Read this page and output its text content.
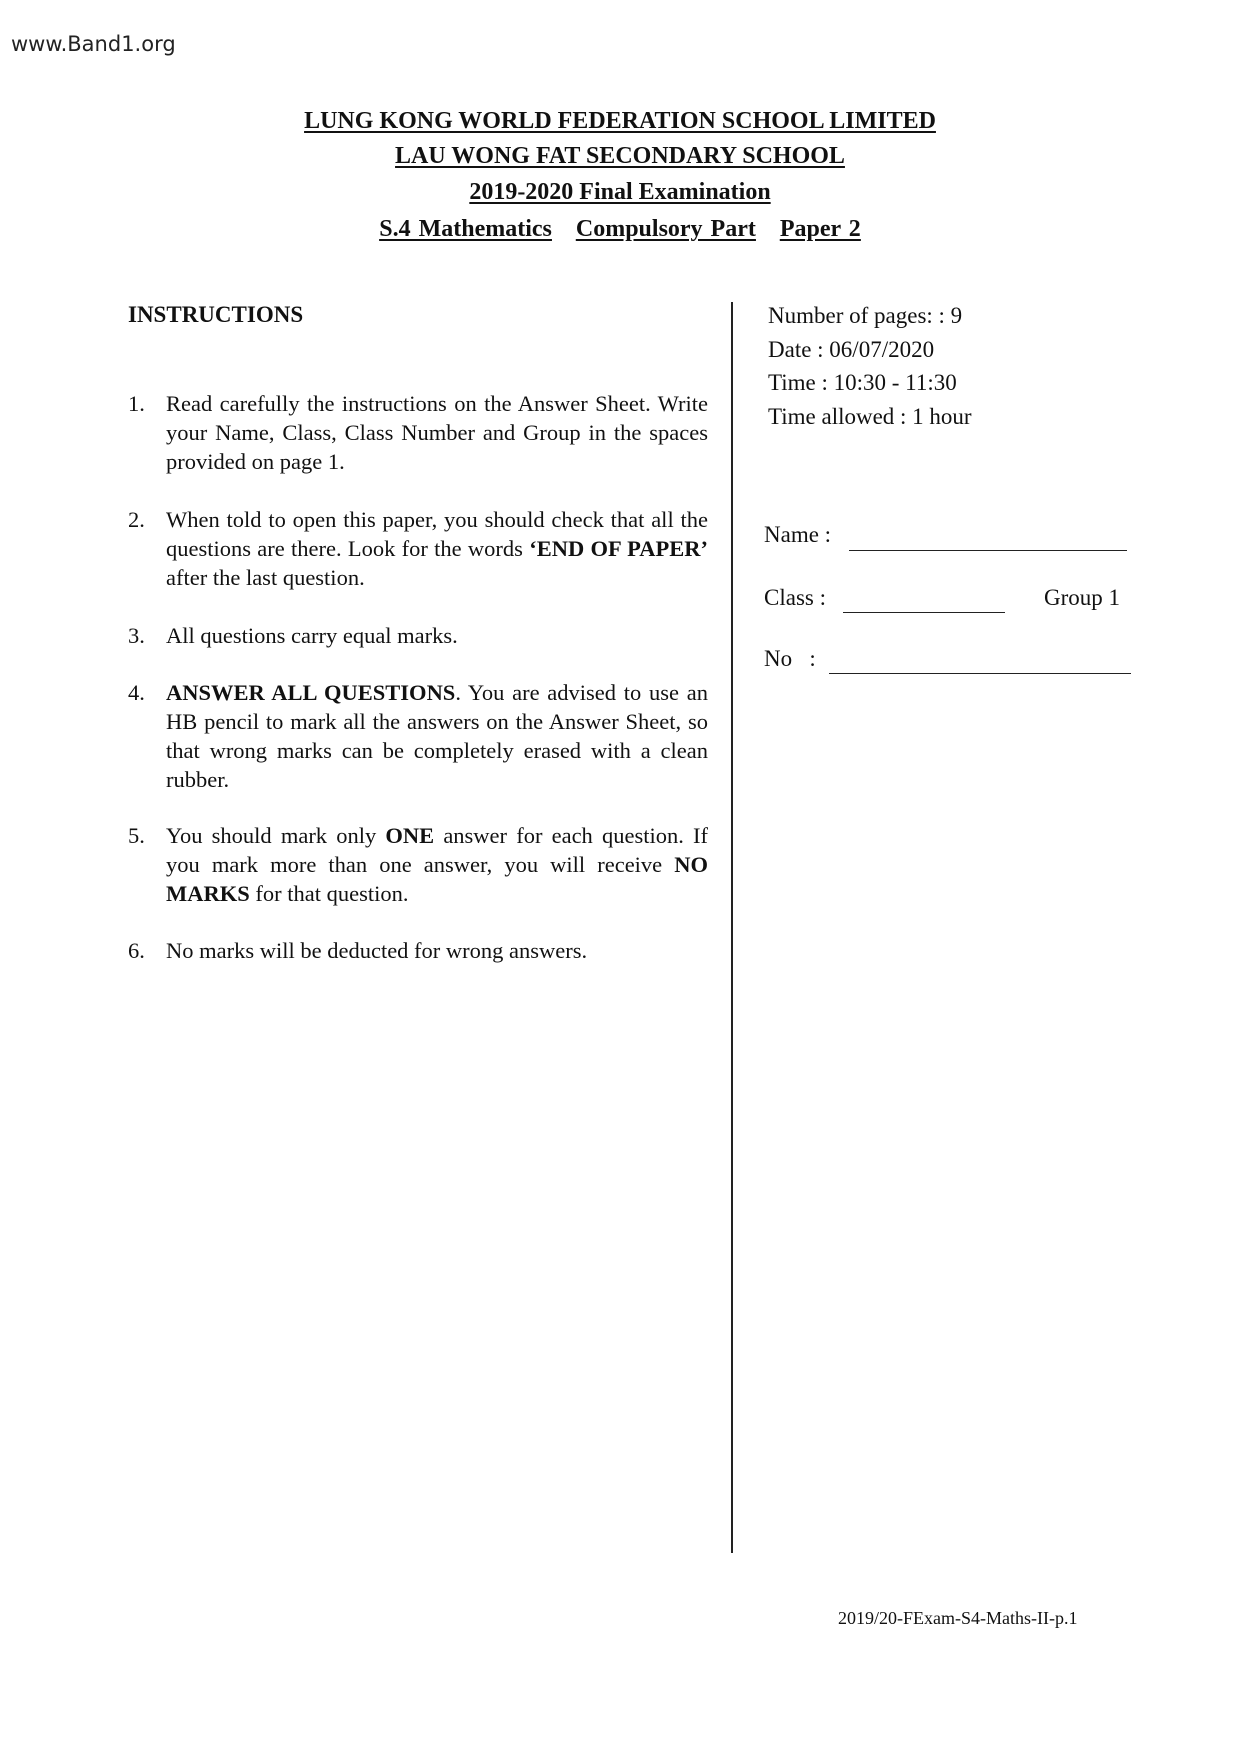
www.Band1.org
LUNG KONG WORLD FEDERATION SCHOOL LIMITED
LAU WONG FAT SECONDARY SCHOOL
2019-2020 Final Examination
S.4 Mathematics Compulsory Part Paper 2
INSTRUCTIONS
1. Read carefully the instructions on the Answer Sheet. Write your Name, Class, Class Number and Group in the spaces provided on page 1.
2. When told to open this paper, you should check that all the questions are there. Look for the words ‘END OF PAPER’ after the last question.
3. All questions carry equal marks.
4. ANSWER ALL QUESTIONS. You are advised to use an HB pencil to mark all the answers on the Answer Sheet, so that wrong marks can be completely erased with a clean rubber.
5. You should mark only ONE answer for each question. If you mark more than one answer, you will receive NO MARKS for that question.
6. No marks will be deducted for wrong answers.
Number of pages: : 9
Date : 06/07/2020
Time : 10:30 - 11:30
Time allowed : 1 hour
Name :
Class :	Group 1
No   :
2019/20-FExam-S4-Maths-II-p.1
